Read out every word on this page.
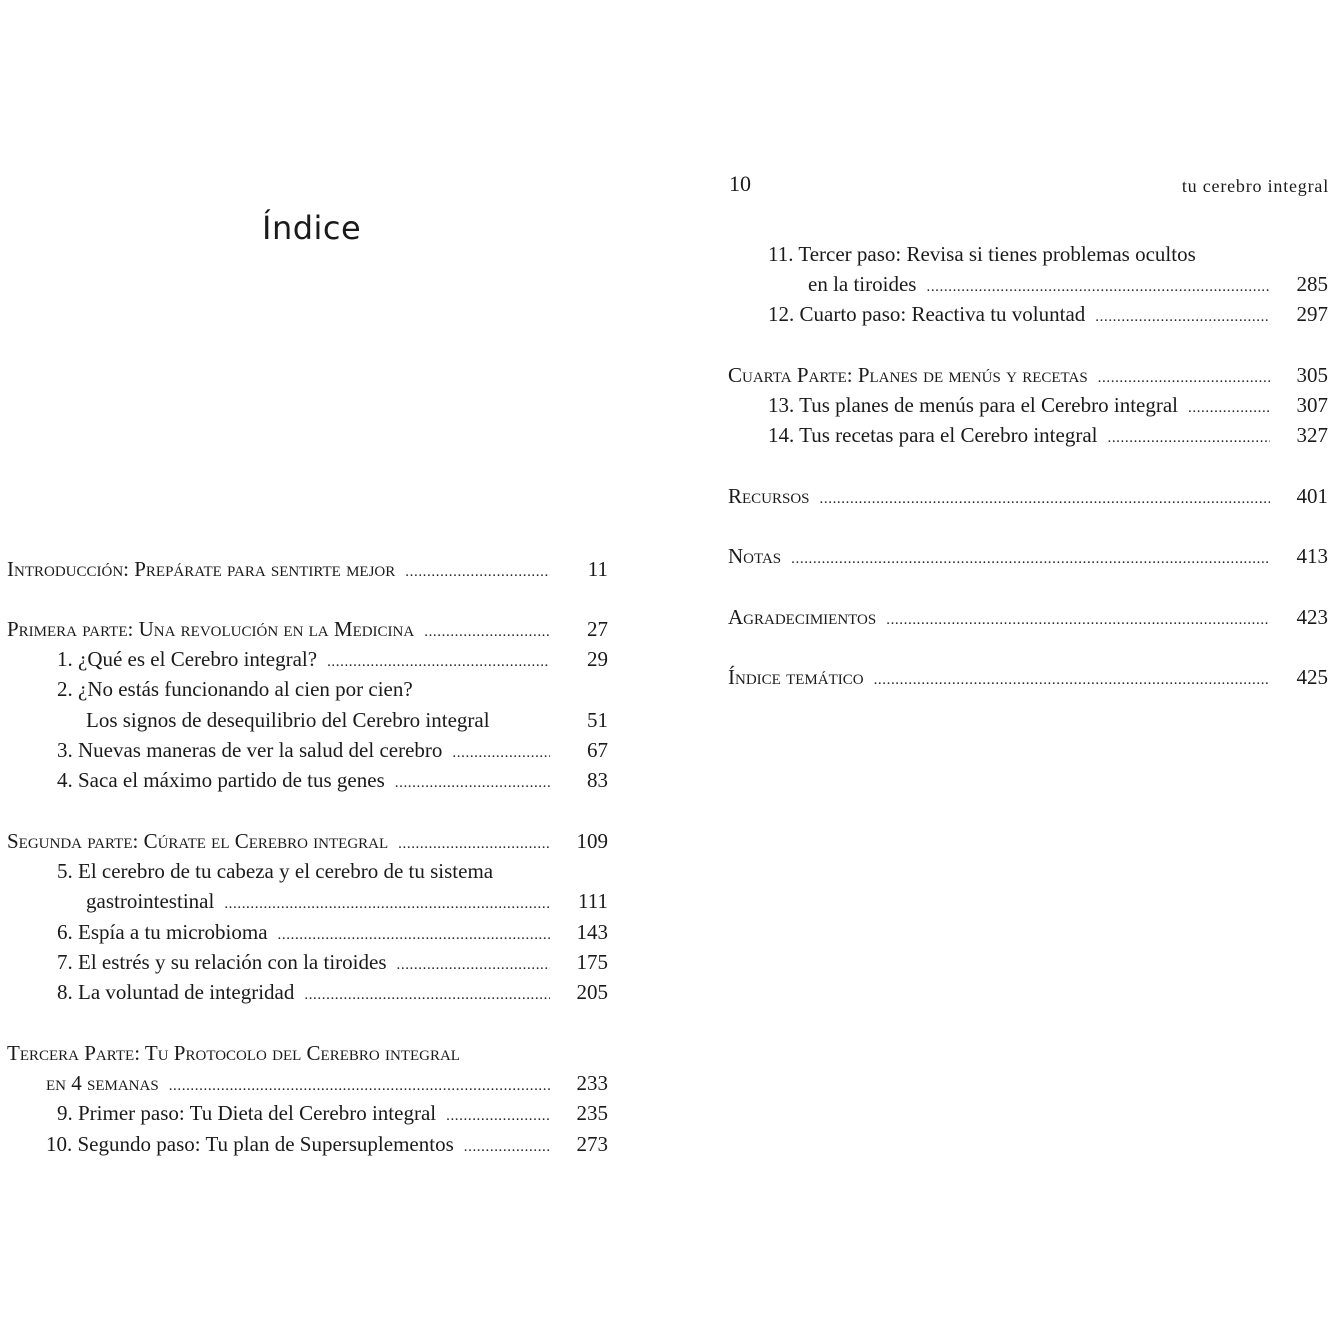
Índice
Introducción: Prepárate para sentirte mejor .....	11
Primera parte: Una revolución en la Medicina .....	27
1. ¿Qué es el Cerebro integral? .....	29
2. ¿No estás funcionando al cien por cien?
Los signos de desequilibrio del Cerebro integral	51
3. Nuevas maneras de ver la salud del cerebro .....	67
4. Saca el máximo partido de tus genes .....	83
Segunda parte: Cúrate el Cerebro integral .....	109
5. El cerebro de tu cabeza y el cerebro de tu sistema
gastrointestinal .....	111
6. Espía a tu microbioma .....	143
7. El estrés y su relación con la tiroides .....	175
8. La voluntad de integridad .....	205
Tercera Parte: Tu Protocolo del Cerebro integral
en 4 semanas .....	233
9. Primer paso: Tu Dieta del Cerebro integral .....	235
10. Segundo paso: Tu plan de Supersuplementos .....	273
10	tu cerebro integral
11. Tercer paso: Revisa si tienes problemas ocultos
en la tiroides .....	285
12. Cuarto paso: Reactiva tu voluntad .....	297
Cuarta Parte: Planes de menús y recetas .....	305
13. Tus planes de menús para el Cerebro integral .....	307
14. Tus recetas para el Cerebro integral .....	327
Recursos .....	401
Notas .....	413
Agradecimientos .....	423
Índice temático .....	425
